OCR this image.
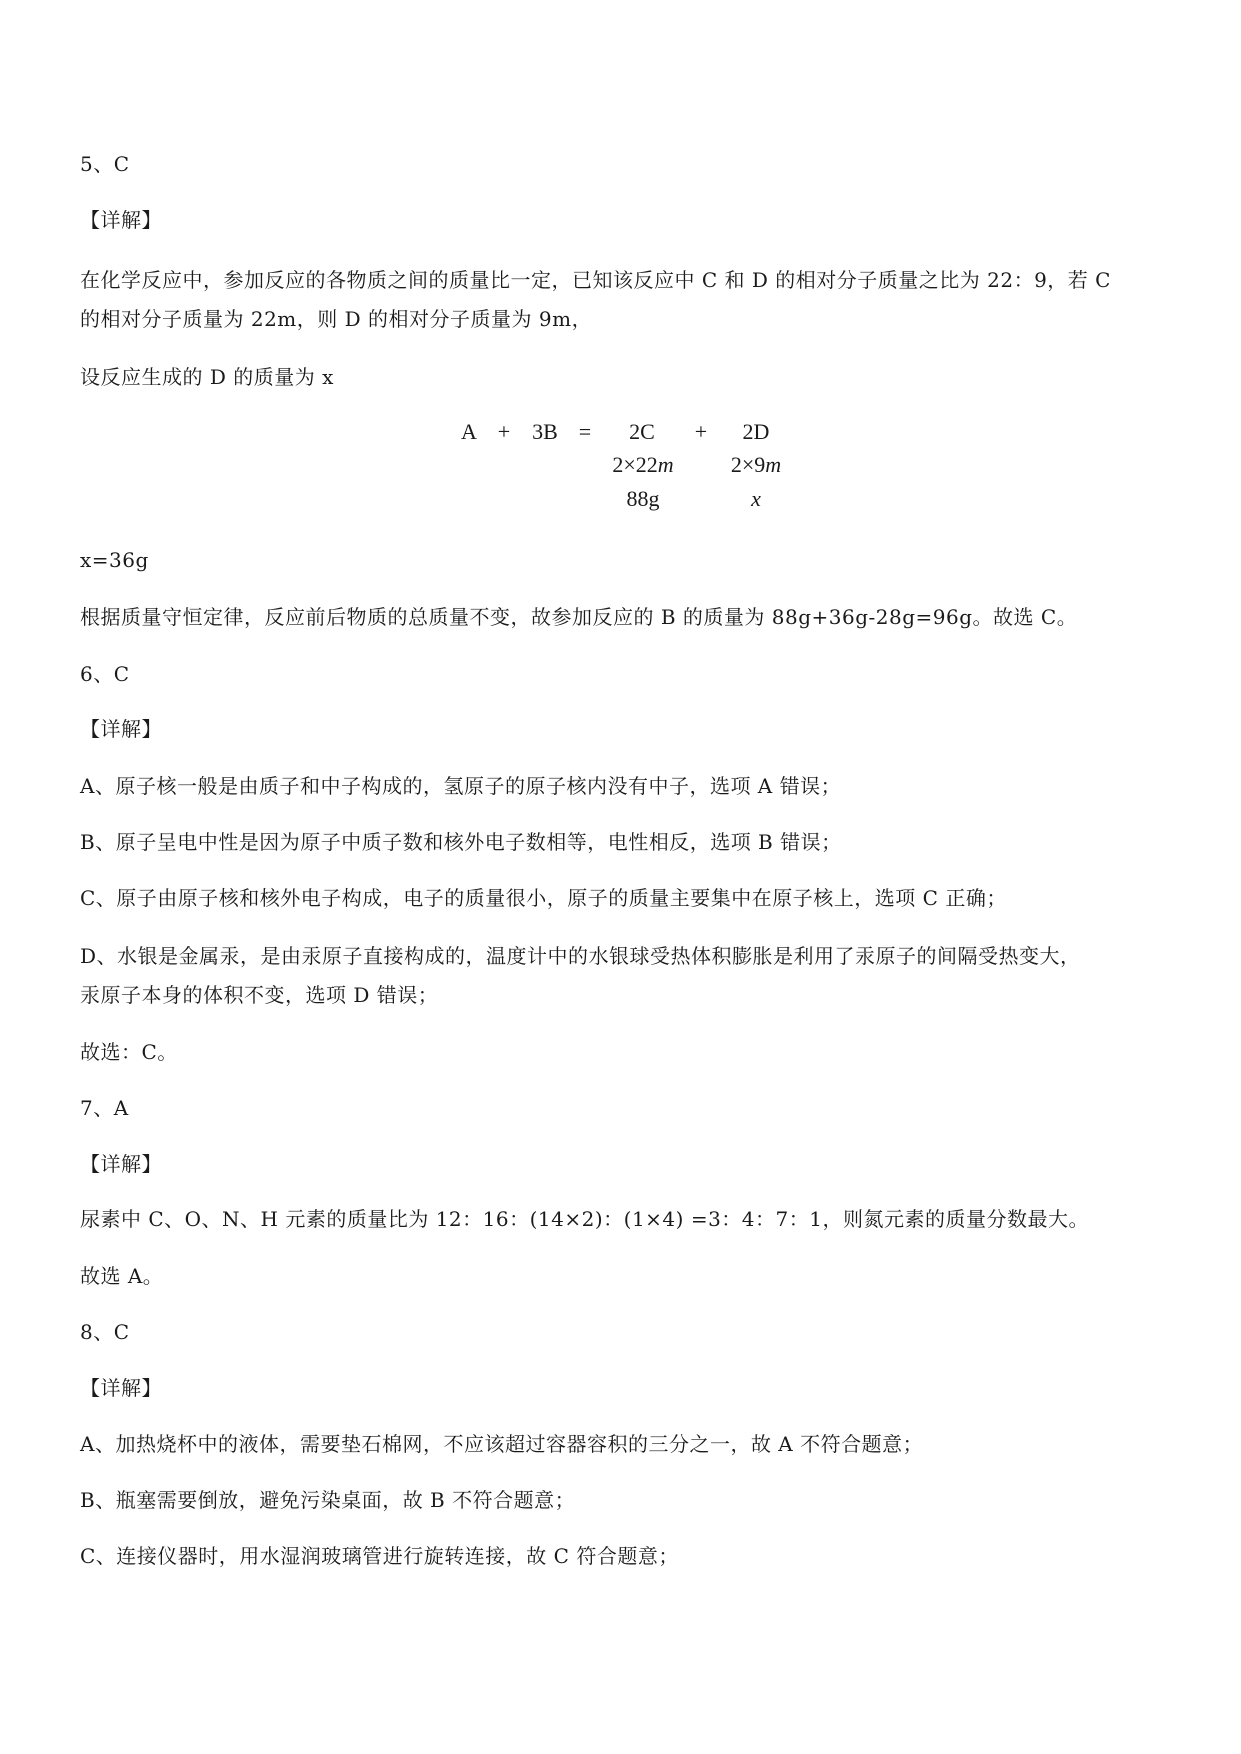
5、C
【详解】
在化学反应中，参加反应的各物质之间的质量比一定，已知该反应中 C 和 D 的相对分子质量之比为 22：9，若 C
的相对分子质量为 22m，则 D 的相对分子质量为 9m，
设反应生成的 D 的质量为 x
A + 3B =	2C	+	2D
2×22m	2×9m
88g	x
x=36g
根据质量守恒定律，反应前后物质的总质量不变，故参加反应的 B 的质量为 88g+36g-28g=96g。故选 C。
6、C
【详解】
A、原子核一般是由质子和中子构成的，氢原子的原子核内没有中子，选项 A 错误；
B、原子呈电中性是因为原子中质子数和核外电子数相等，电性相反，选项 B 错误；
C、原子由原子核和核外电子构成，电子的质量很小，原子的质量主要集中在原子核上，选项 C 正确；
D、水银是金属汞，是由汞原子直接构成的，温度计中的水银球受热体积膨胀是利用了汞原子的间隔受热变大，
汞原子本身的体积不变，选项 D 错误；
故选：C。
7、A
【详解】
尿素中 C、O、N、H 元素的质量比为 12：16：(14×2)：(1×4) =3：4：7：1，则氮元素的质量分数最大。
故选 A。
8、C
【详解】
A、加热烧杯中的液体，需要垫石棉网，不应该超过容器容积的三分之一，故 A 不符合题意；
B、瓶塞需要倒放，避免污染桌面，故 B 不符合题意；
C、连接仪器时，用水湿润玻璃管进行旋转连接，故 C 符合题意；
